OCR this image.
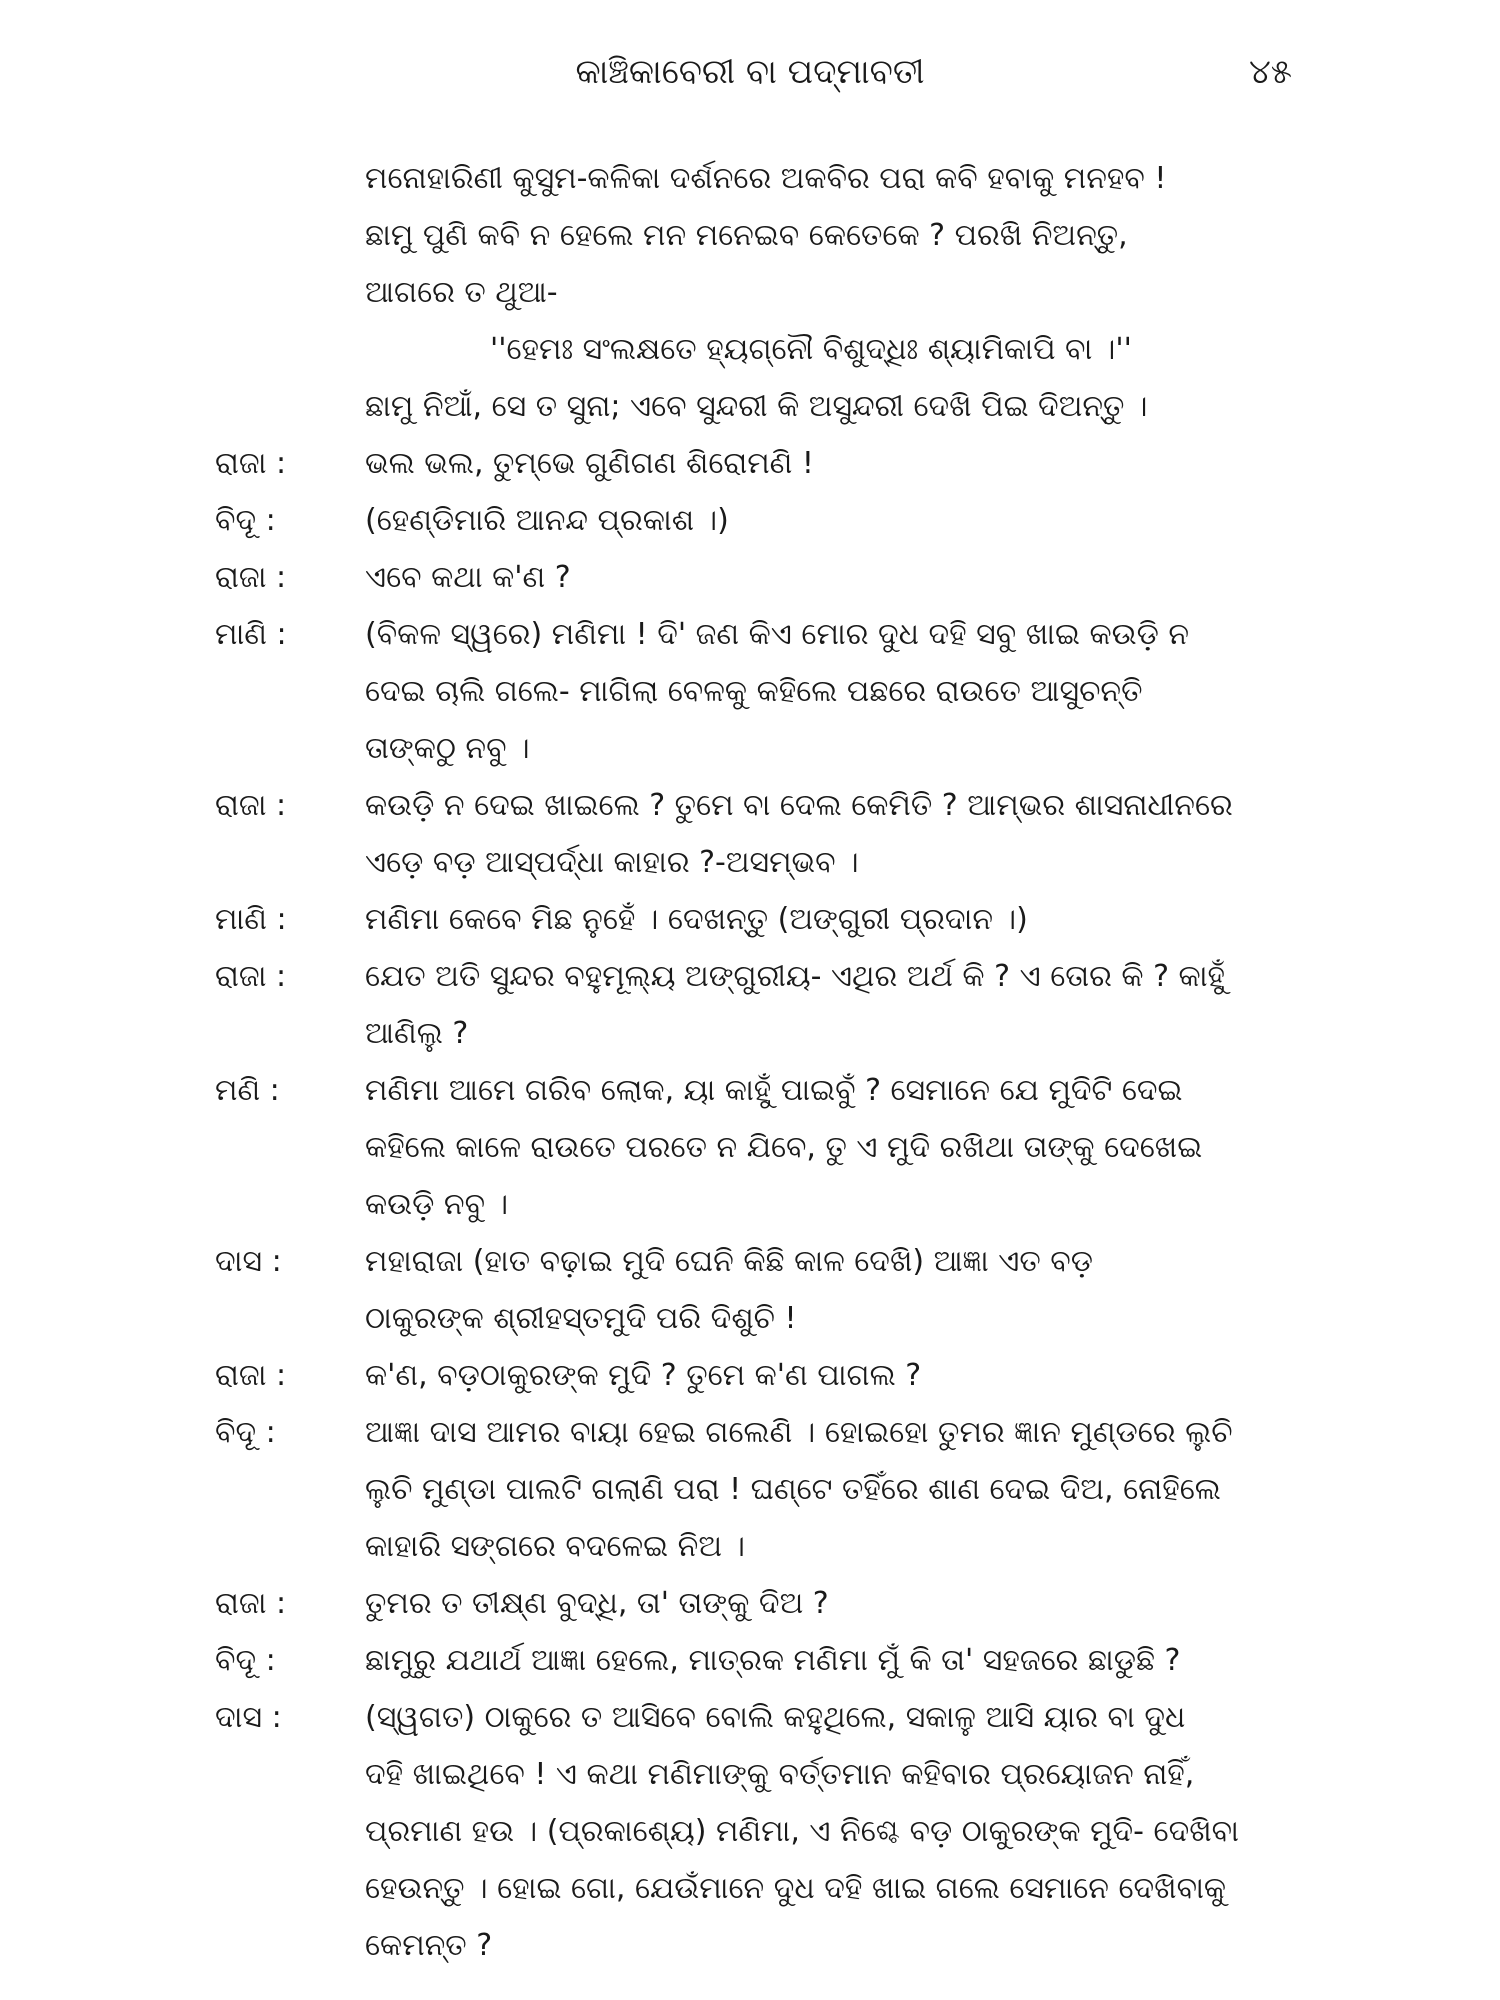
କାଞ୍ଚିକାବେରୀ ବା ପଦ୍ମାବତୀ	୪୫
ମନୋହାରିଣୀ କୁସୁମ-କଳିକା ଦର୍ଶନରେ ଅକବିର ପରା କବି ହବାକୁ ମନହବ !
ଛାମୁ ପୁଣି କବି ନ ହେଲେ ମନ ମନେଇବ କେତେକେ ? ପରଖି ନିଅନ୍ତୁ,
ଆଗରେ ତ ଥୁଆ-
''ହେମଃ ସଂଲକ୍ଷତେ ହ୍ୟଗ୍ନୌ ବିଶୁଦ୍ଧିଃ ଶ୍ୟାମିକାପି ବା ।''
ଛାମୁ ନିଆଁ, ସେ ତ ସୁନା; ଏବେ ସୁନ୍ଦରୀ କି ଅସୁନ୍ଦରୀ ଦେଖି ପିଇ ଦିଅନ୍ତୁ ।
ରାଜା :	ଭଲ ଭଲ, ତୁମ୍ଭେ ଗୁଣିଗଣ ଶିରୋମଣି !
ବିଦୂ :	(ହେଣ୍ଡିମାରି ଆନନ୍ଦ ପ୍ରକାଶ ।)
ରାଜା :	ଏବେ କଥା କ'ଣ ?
ମାଣି :	(ବିକଳ ସ୍ୱରେ) ମଣିମା ! ଦି' ଜଣ କିଏ ମୋର ଦୁଧ ଦହି ସବୁ ଖାଇ କଉଡ଼ି ନ
ଦେଇ ଚାଲି ଗଲେ- ମାଗିଲା ବେଳକୁ କହିଲେ ପଛରେ ରାଉତେ ଆସୁଚନ୍ତି
ତାଙ୍କଠୁ ନବୁ ।
ରାଜା :	କଉଡ଼ି ନ ଦେଇ ଖାଇଲେ ? ତୁମେ ବା ଦେଲ କେମିତି ? ଆମ୍ଭର ଶାସନାଧୀନରେ
ଏଡ଼େ ବଡ଼ ଆସ୍ପର୍ଦ୍ଧା କାହାର ?-ଅସମ୍ଭବ ।
ମାଣି :	ମଣିମା କେବେ ମିଛ ନୁହେଁ । ଦେଖନ୍ତୁ (ଅଙ୍ଗୁରୀ ପ୍ରଦାନ ।)
ରାଜା :	ଯେତ ଅତି ସୁନ୍ଦର ବହୁମୂଲ୍ୟ ଅଙ୍ଗୁରୀୟ- ଏଥିର ଅର୍ଥ କି ? ଏ ତୋର କି ? କାହୁଁ
ଆଣିଲୁ ?
ମଣି :	ମଣିମା ଆମେ ଗରିବ ଲୋକ, ୟା କାହୁଁ ପାଇବୁଁ ? ସେମାନେ ଯେ ମୁଦିଟି ଦେଇ
କହିଲେ କାଳେ ରାଉତେ ପରତେ ନ ଯିବେ, ତୁ ଏ ମୁଦି ରଖିଥା ତାଙ୍କୁ ଦେଖେଇ
କଉଡ଼ି ନବୁ ।
ଦାସ :	ମହାରାଜା (ହାତ ବଢ଼ାଇ ମୁଦି ଘେନି କିଛି କାଳ ଦେଖି) ଆଜ୍ଞା ଏତ ବଡ଼
ଠାକୁରଙ୍କ ଶ୍ରୀହସ୍ତମୁଦି ପରି ଦିଶୁଚି !
ରାଜା :	କ'ଣ, ବଡ଼ଠାକୁରଙ୍କ ମୁଦି ? ତୁମେ କ'ଣ ପାଗଲ ?
ବିଦୂ :	ଆଜ୍ଞା ଦାସ ଆମର ବାୟା ହେଇ ଗଲେଣି । ହୋଇହୋ ତୁମର ଜ୍ଞାନ ମୁଣ୍ଡରେ ଲୁଚି
ଲୁଚି ମୁଣ୍ଡା ପାଲଟି ଗଲାଣି ପରା ! ଘଣ୍ଟେ ତହିଁରେ ଶାଣ ଦେଇ ଦିଅ, ନୋହିଲେ
କାହାରି ସଙ୍ଗରେ ବଦଳେଇ ନିଅ ।
ରାଜା :	ତୁମର ତ ତୀକ୍ଷ୍ଣ ବୁଦ୍ଧି, ତା' ତାଙ୍କୁ ଦିଅ ?
ବିଦୂ :	ଛାମୁରୁ ଯଥାର୍ଥ ଆଜ୍ଞା ହେଲେ, ମାତ୍ରକ ମଣିମା ମୁଁ କି ତା' ସହଜରେ ଛାଡୁଛି ?
ଦାସ :	(ସ୍ୱଗତ) ଠାକୁରେ ତ ଆସିବେ ବୋଲି କହୁଥିଲେ, ସକାଳୁ ଆସି ୟାର ବା ଦୁଧ
ଦହି ଖାଇଥିବେ ! ଏ କଥା ମଣିମାଙ୍କୁ ବର୍ତ୍ତମାନ କହିବାର ପ୍ରୟୋଜନ ନାହିଁ,
ପ୍ରମାଣ ହଉ । (ପ୍ରକାଶ୍ୟେ) ମଣିମା, ଏ ନିଶ୍ଚେ ବଡ଼ ଠାକୁରଙ୍କ ମୁଦି- ଦେଖିବା
ହେଉନ୍ତୁ । ହୋଇ ଗୋ, ଯେଉଁମାନେ ଦୁଧ ଦହି ଖାଇ ଗଲେ ସେମାନେ ଦେଖିବାକୁ
କେମନ୍ତ ?
